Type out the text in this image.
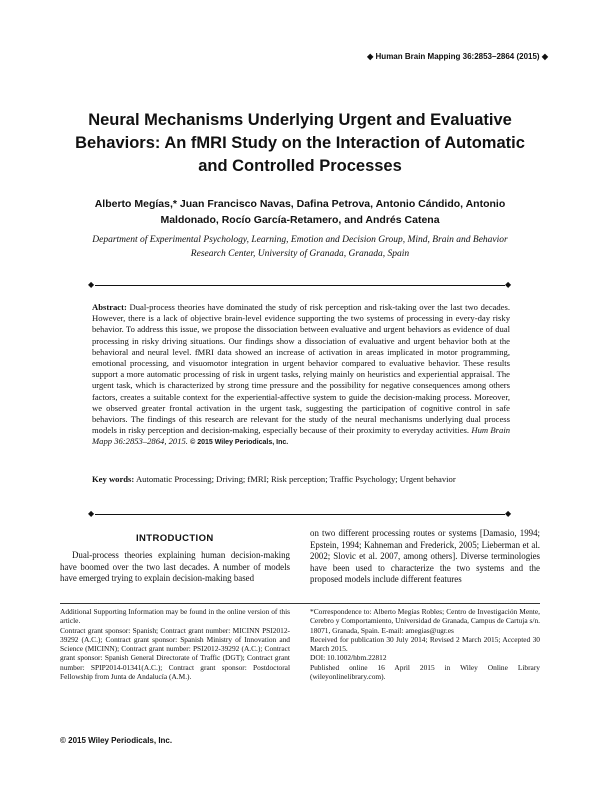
◆ Human Brain Mapping 36:2853–2864 (2015) ◆
Neural Mechanisms Underlying Urgent and Evaluative Behaviors: An fMRI Study on the Interaction of Automatic and Controlled Processes
Alberto Megías,* Juan Francisco Navas, Dafina Petrova, Antonio Cándido, Antonio Maldonado, Rocío García-Retamero, and Andrés Catena
Department of Experimental Psychology, Learning, Emotion and Decision Group, Mind, Brain and Behavior Research Center, University of Granada, Granada, Spain
◆	◆
Abstract: Dual-process theories have dominated the study of risk perception and risk-taking over the last two decades. However, there is a lack of objective brain-level evidence supporting the two systems of processing in every-day risky behavior. To address this issue, we propose the dissociation between evaluative and urgent behaviors as evidence of dual processing in risky driving situations. Our findings show a dissociation of evaluative and urgent behavior both at the behavioral and neural level. fMRI data showed an increase of activation in areas implicated in motor programming, emotional processing, and visuomotor integration in urgent behavior compared to evaluative behavior. These results support a more automatic processing of risk in urgent tasks, relying mainly on heuristics and experiential appraisal. The urgent task, which is characterized by strong time pressure and the possibility for negative consequences among others factors, creates a suitable context for the experiential-affective system to guide the decision-making process. Moreover, we observed greater frontal activation in the urgent task, suggesting the participation of cognitive control in safe behaviors. The findings of this research are relevant for the study of the neural mechanisms underlying dual process models in risky perception and decision-making, especially because of their proximity to everyday activities. Hum Brain Mapp 36:2853–2864, 2015. © 2015 Wiley Periodicals, Inc.
Key words: Automatic Processing; Driving; fMRI; Risk perception; Traffic Psychology; Urgent behavior
◆	◆
INTRODUCTION

Dual-process theories explaining human decision-making have boomed over the two last decades. A number of models have emerged trying to explain decision-making based

on two different processing routes or systems [Damasio, 1994; Epstein, 1994; Kahneman and Frederick, 2005; Lieberman et al. 2002; Slovic et al. 2007, among others]. Diverse terminologies have been used to characterize the two systems and the proposed models include different features

Additional Supporting Information may be found in the online version of this article.

Contract grant sponsor: Spanish; Contract grant number: MICINN PSI2012-39292 (A.C.); Contract grant sponsor: Spanish Ministry of Innovation and Science (MICINN); Contract grant number: PSI2012-39292 (A.C.); Contract grant sponsor: Spanish General Directorate of Traffic (DGT); Contract grant number: SPIP2014-01341(A.C.); Contract grant sponsor: Postdoctoral Fellowship from Junta de Andalucía (A.M.).

*Correspondence to: Alberto Megías Robles; Centro de Investigación Mente, Cerebro y Comportamiento, Universidad de Granada, Campus de Cartuja s/n. 18071, Granada, Spain. E-mail: amegias@ugr.es

Received for publication 30 July 2014; Revised 2 March 2015; Accepted 30 March 2015.

DOI: 10.1002/hbm.22812

Published online 16 April 2015 in Wiley Online Library (wileyonlinelibrary.com).

© 2015 Wiley Periodicals, Inc.
